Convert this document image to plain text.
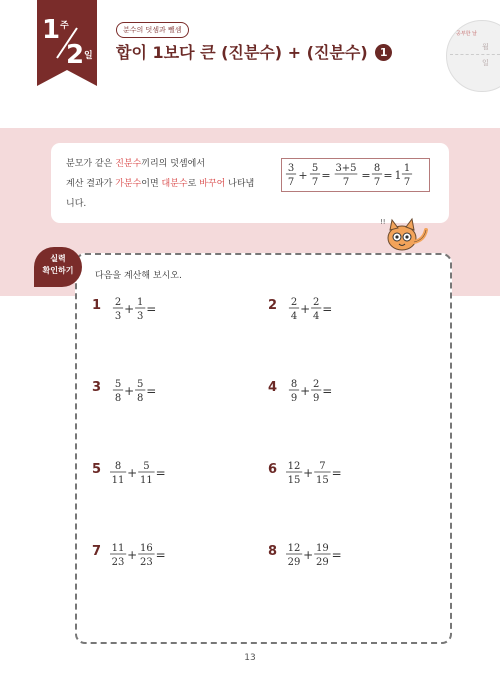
1 주
2 일
분수의 덧셈과 뺄셈
합이 1보다 큰 (진분수) + (진분수) 1
공부한 날
월
일
분모가 같은 진분수끼리의 덧셈에서
계산 결과가 가분수이면 대분수로 바꾸어 나타냅
니다.
3
7
+
5
7
=
3+5
7
=
8
7
= 1
1
7
!!
실력
확인하기
다음을 계산해 보시오.
1 2
3
+ 1
3
=	2 2
4
+ 2
4
=
3 5
8
+ 5
8
=	4 8
9
+ 2
9
=
5 8
11
+ 5
11
=	6 12
15
+ 7
15
=
7 11
23
+ 16
23
=	8 12
29
+ 19
29
=
13
